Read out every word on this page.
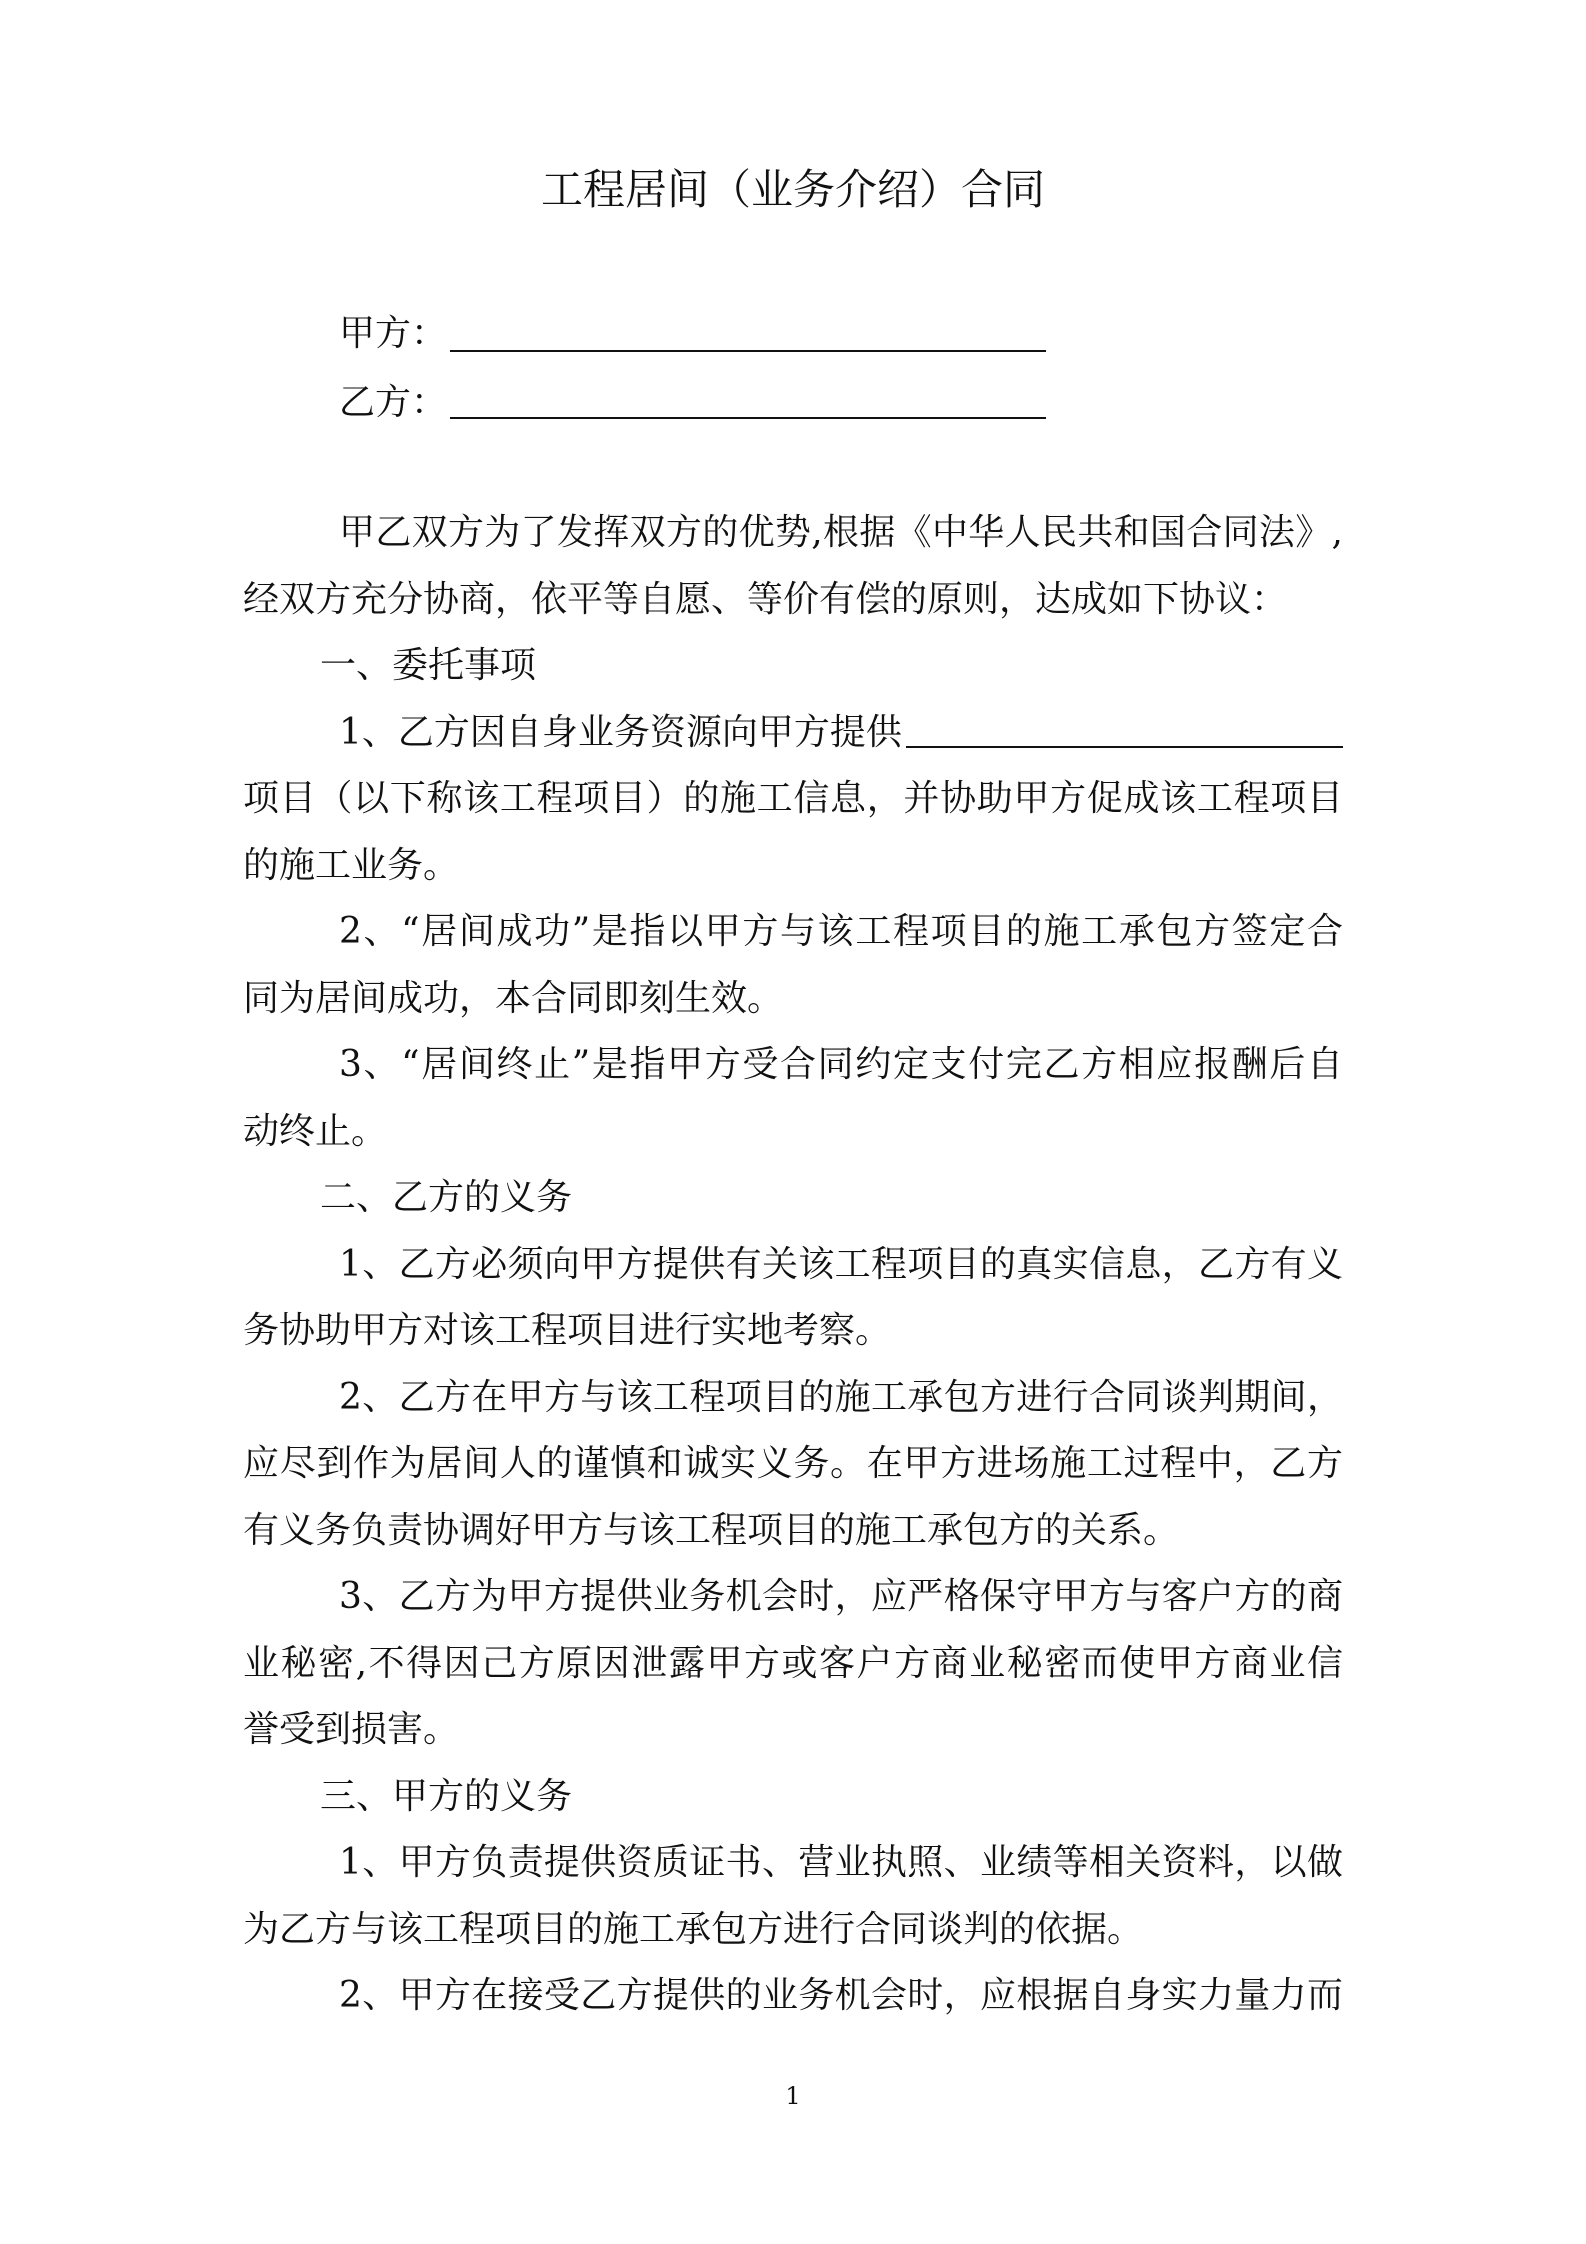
工程居间（业务介绍）合同
甲方：
乙方：
甲乙双方为了发挥双方的优势,根据《中华人民共和国合同法》,
经双方充分协商，依平等自愿、等价有偿的原则，达成如下协议：
一、委托事项
1、乙方因自身业务资源向甲方提供
项目（以下称该工程项目）的施工信息，并协助甲方促成该工程项目
的施工业务。
2、“居间成功”是指以甲方与该工程项目的施工承包方签定合
同为居间成功，本合同即刻生效。
3、“居间终止”是指甲方受合同约定支付完乙方相应报酬后自
动终止。
二、乙方的义务
1、乙方必须向甲方提供有关该工程项目的真实信息，乙方有义
务协助甲方对该工程项目进行实地考察。
2、乙方在甲方与该工程项目的施工承包方进行合同谈判期间，
应尽到作为居间人的谨慎和诚实义务。在甲方进场施工过程中，乙方
有义务负责协调好甲方与该工程项目的施工承包方的关系。
3、乙方为甲方提供业务机会时，应严格保守甲方与客户方的商
业秘密,不得因己方原因泄露甲方或客户方商业秘密而使甲方商业信
誉受到损害。
三、甲方的义务
1、甲方负责提供资质证书、营业执照、业绩等相关资料，以做
为乙方与该工程项目的施工承包方进行合同谈判的依据。
2、甲方在接受乙方提供的业务机会时，应根据自身实力量力而
1
